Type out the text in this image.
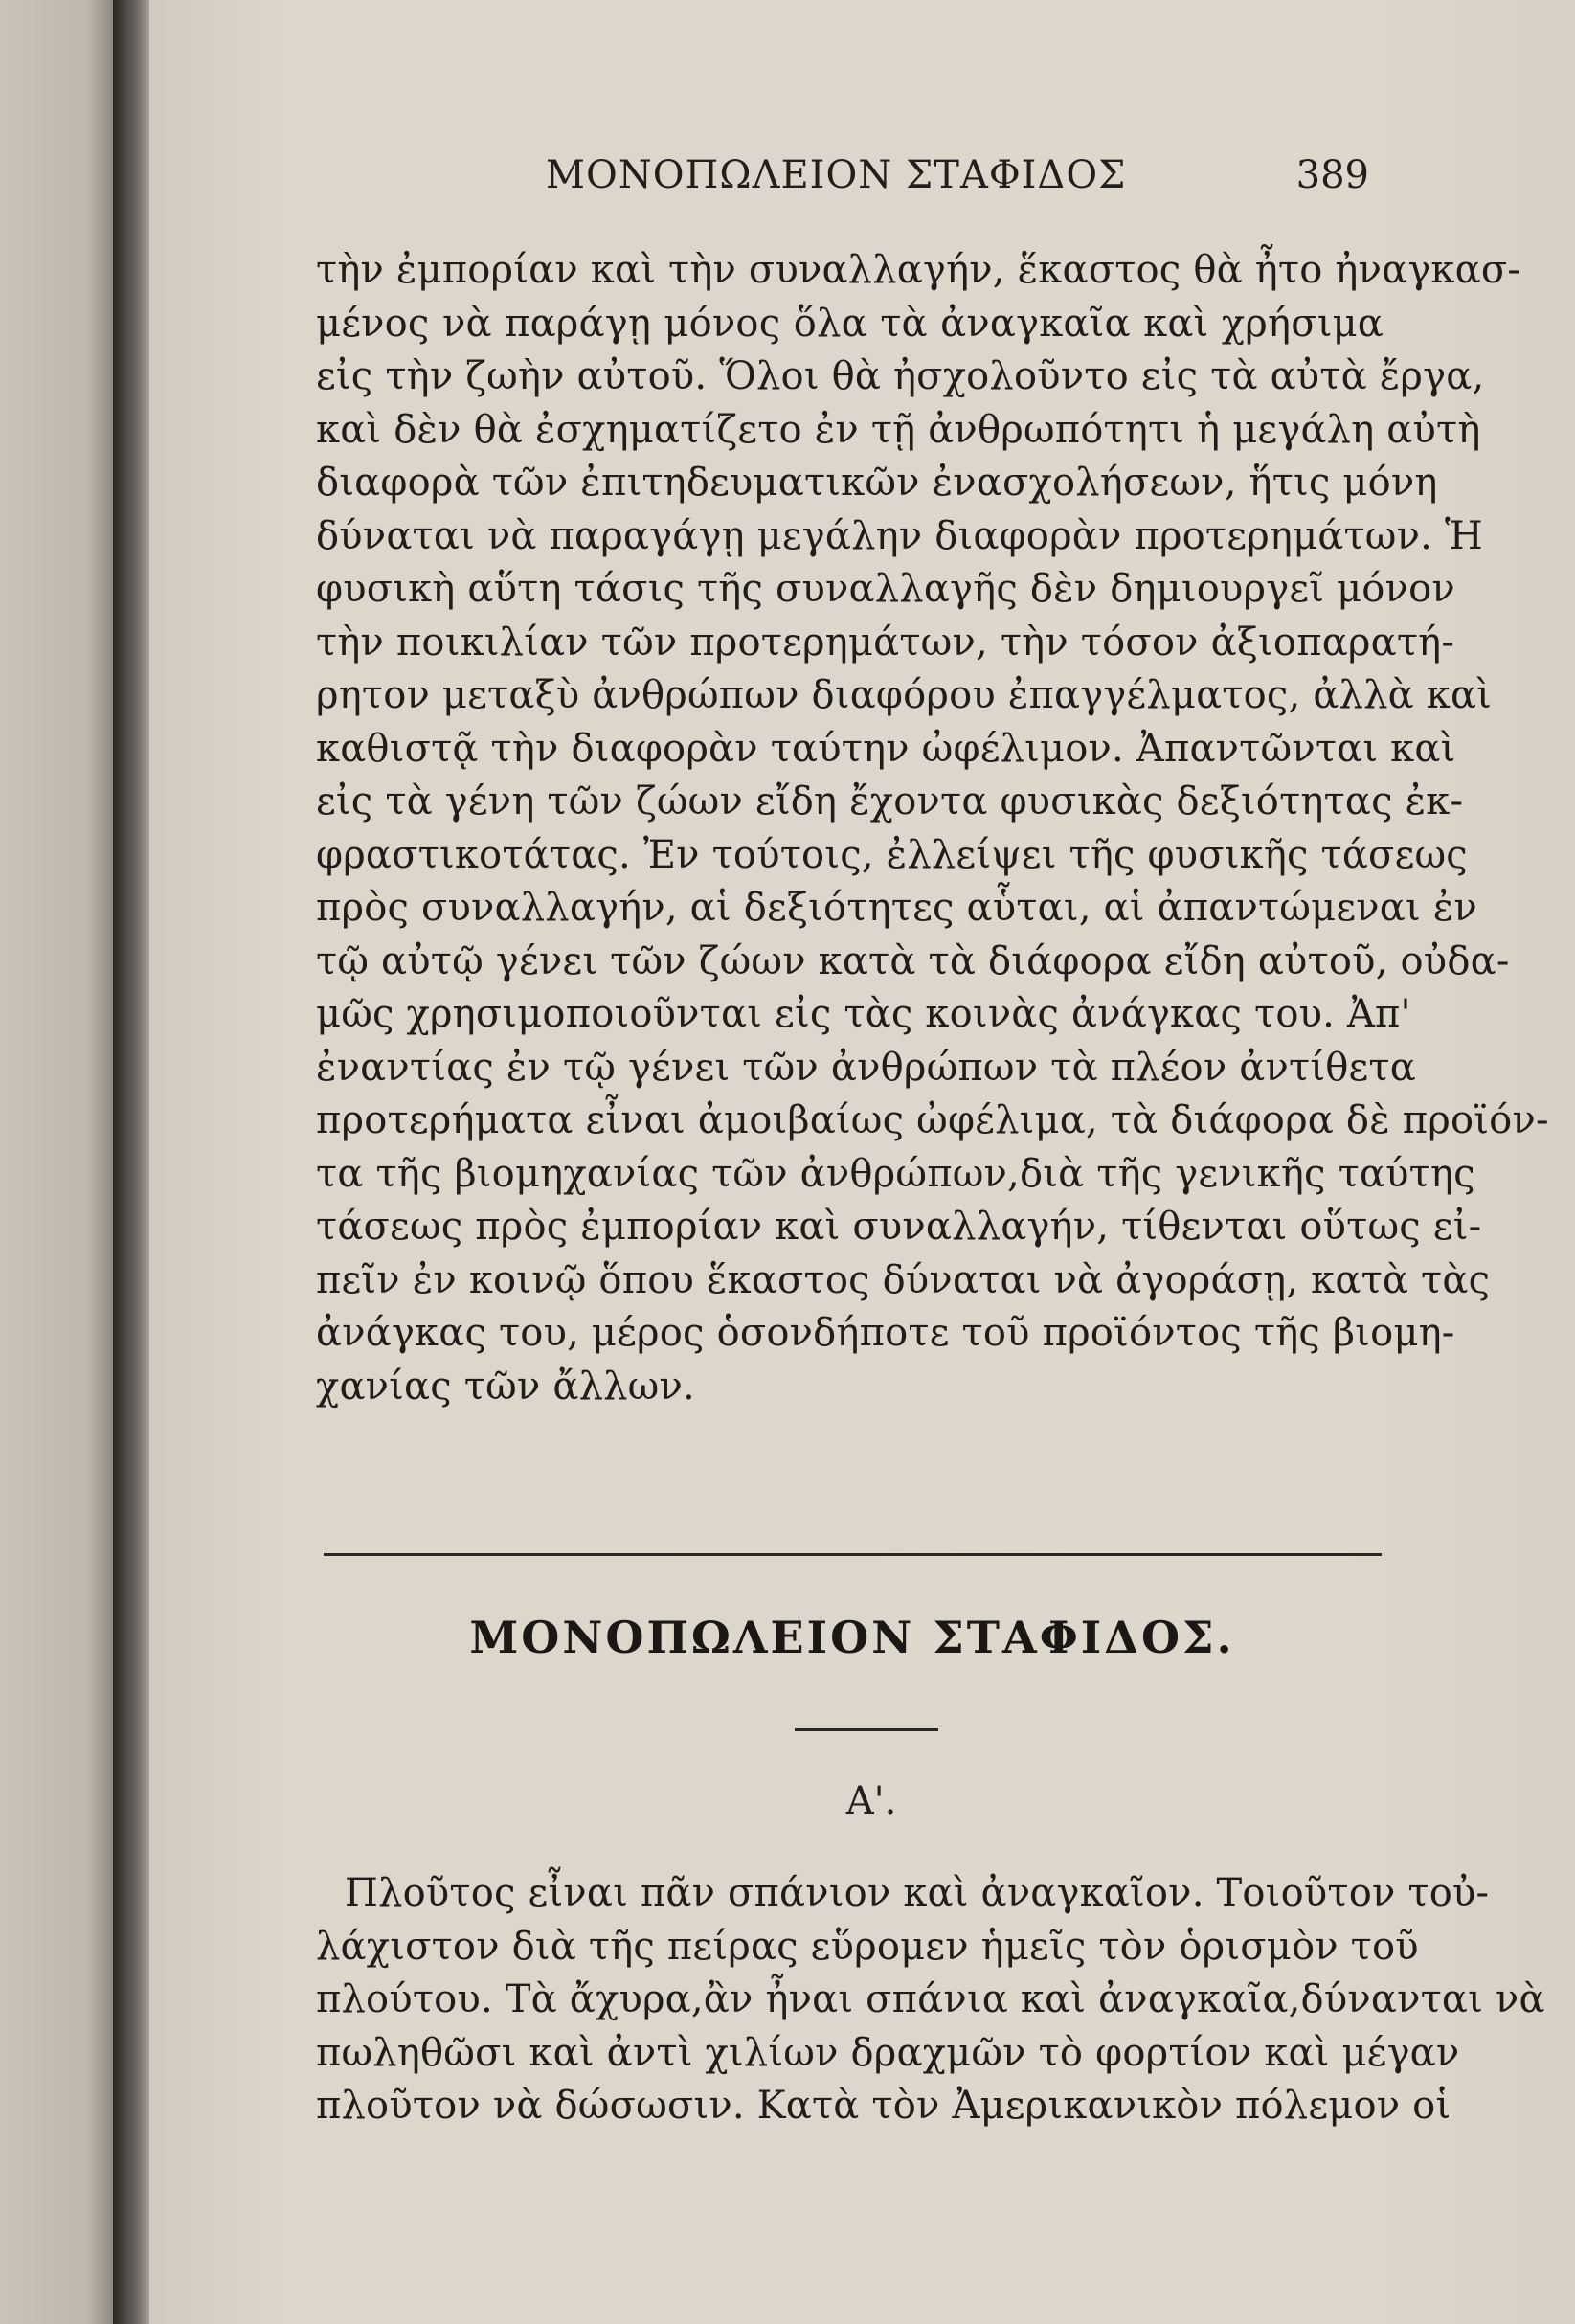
ΜΟΝΟΠΩΛΕΙΟΝ ΣΤΑΦΙΔΟΣ	389
τὴν ἐμπορίαν καὶ τὴν συναλλαγήν, ἕκαστος θὰ ἦτο ἠναγκασ-
μένος νὰ παράγῃ μόνος ὅλα τὰ ἀναγκαῖα καὶ χρήσιμα
εἰς τὴν ζωὴν αὐτοῦ. Ὅλοι θὰ ἠσχολοῦντο εἰς τὰ αὐτὰ ἔργα,
καὶ δὲν θὰ ἐσχηματίζετο ἐν τῇ ἀνθρωπότητι ἡ μεγάλη αὐτὴ
διαφορὰ τῶν ἐπιτηδευματικῶν ἐνασχολήσεων, ἥτις μόνη
δύναται νὰ παραγάγῃ μεγάλην διαφορὰν προτερημάτων. Ἡ
φυσικὴ αὕτη τάσις τῆς συναλλαγῆς δὲν δημιουργεῖ μόνον
τὴν ποικιλίαν τῶν προτερημάτων, τὴν τόσον ἀξιοπαρατή-
ρητον μεταξὺ ἀνθρώπων διαφόρου ἐπαγγέλματος, ἀλλὰ καὶ
καθιστᾷ τὴν διαφορὰν ταύτην ὠφέλιμον. Ἀπαντῶνται καὶ
εἰς τὰ γένη τῶν ζώων εἴδη ἔχοντα φυσικὰς δεξιότητας ἐκ-
φραστικοτάτας. Ἐν τούτοις, ἐλλείψει τῆς φυσικῆς τάσεως
πρὸς συναλλαγήν, αἱ δεξιότητες αὗται, αἱ ἀπαντώμεναι ἐν
τῷ αὐτῷ γένει τῶν ζώων κατὰ τὰ διάφορα εἴδη αὐτοῦ, οὐδα-
μῶς χρησιμοποιοῦνται εἰς τὰς κοινὰς ἀνάγκας του. Ἀπ'
ἐναντίας ἐν τῷ γένει τῶν ἀνθρώπων τὰ πλέον ἀντίθετα
προτερήματα εἶναι ἀμοιβαίως ὠφέλιμα, τὰ διάφορα δὲ προϊόν-
τα τῆς βιομηχανίας τῶν ἀνθρώπων,διὰ τῆς γενικῆς ταύτης
τάσεως πρὸς ἐμπορίαν καὶ συναλλαγήν, τίθενται οὕτως εἰ-
πεῖν ἐν κοινῷ ὅπου ἕκαστος δύναται νὰ ἀγοράσῃ, κατὰ τὰς
ἀνάγκας του, μέρος ὁσονδήποτε τοῦ προϊόντος τῆς βιομη-
χανίας τῶν ἄλλων.
ΜΟΝΟΠΩΛΕΙΟΝ ΣΤΑΦΙΔΟΣ.
Α'.
Πλοῦτος εἶναι πᾶν σπάνιον καὶ ἀναγκαῖον. Τοιοῦτον τοὐ-
λάχιστον διὰ τῆς πείρας εὕρομεν ἡμεῖς τὸν ὁρισμὸν τοῦ
πλούτου. Τὰ ἄχυρα,ἂν ἦναι σπάνια καὶ ἀναγκαῖα,δύνανται νὰ
πωληθῶσι καὶ ἀντὶ χιλίων δραχμῶν τὸ φορτίον καὶ μέγαν
πλοῦτον νὰ δώσωσιν. Κατὰ τὸν Ἀμερικανικὸν πόλεμον οἱ
